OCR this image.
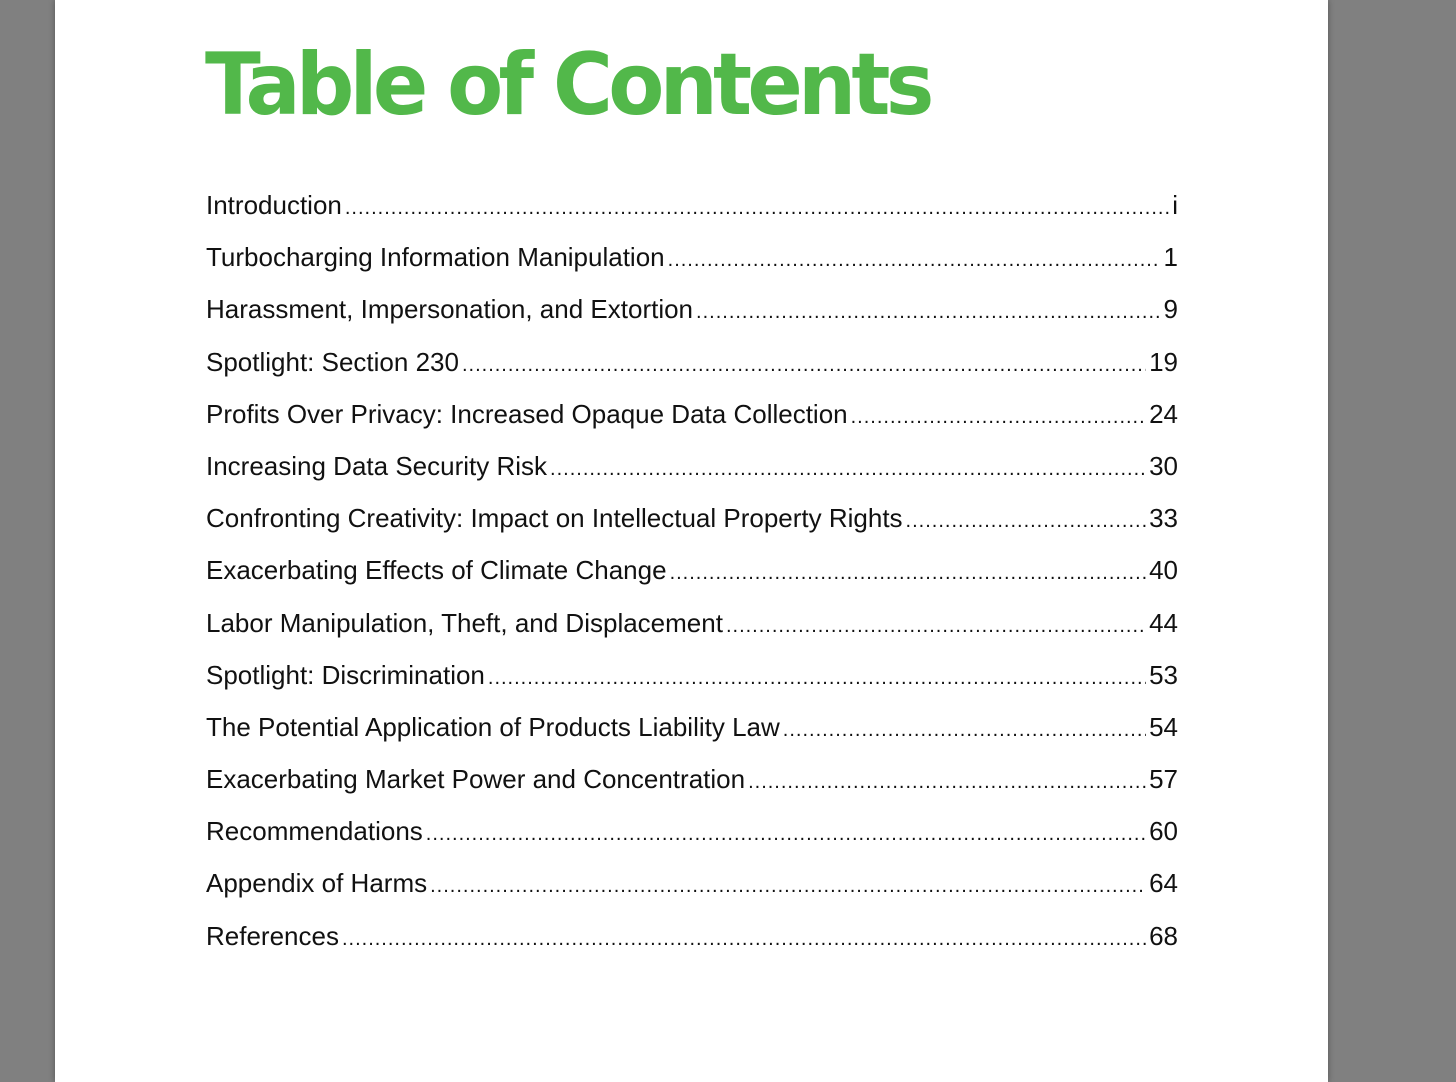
Table of Contents
Introduction .....	i
Turbocharging Information Manipulation .....	1
Harassment, Impersonation, and Extortion .....	9
Spotlight: Section 230 .....	19
Profits Over Privacy: Increased Opaque Data Collection .....	24
Increasing Data Security Risk .....	30
Confronting Creativity: Impact on Intellectual Property Rights .....	33
Exacerbating Effects of Climate Change .....	40
Labor Manipulation, Theft, and Displacement .....	44
Spotlight: Discrimination .....	53
The Potential Application of Products Liability Law .....	54
Exacerbating Market Power and Concentration .....	57
Recommendations .....	60
Appendix of Harms .....	64
References .....	68
